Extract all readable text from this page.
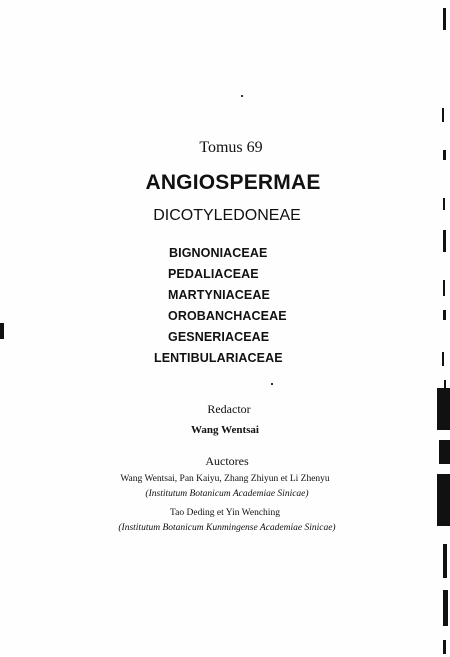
Tomus 69
ANGIOSPERMAE
DICOTYLEDONEAE
BIGNONIACEAE
PEDALIACEAE
MARTYNIACEAE
OROBANCHACEAE
GESNERIACEAE
LENTIBULARIACEAE
Redactor
Wang Wentsai
Auctores
Wang Wentsai, Pan Kaiyu, Zhang Zhiyun et Li Zhenyu
(Institutum Botanicum Academiae Sinicae)
Tao Deding et Yin Wenching
(Institutum Botanicum Kunmingense Academiae Sinicae)
